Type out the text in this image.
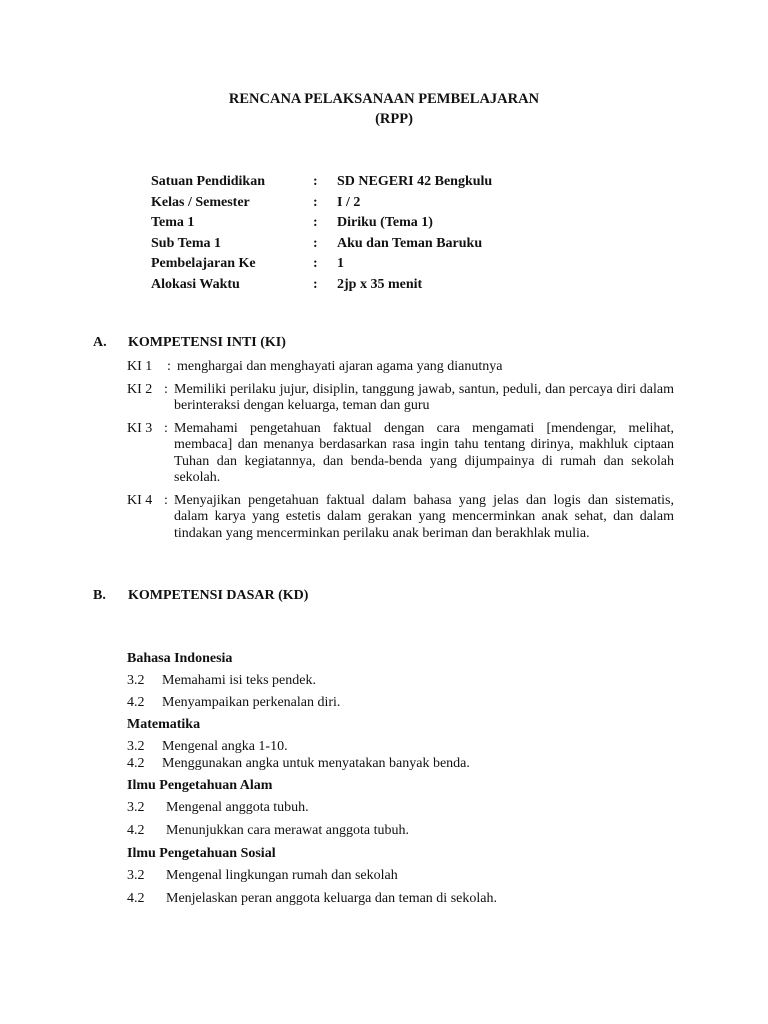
RENCANA PELAKSANAAN PEMBELAJARAN
(RPP)
Satuan Pendidikan	: SD NEGERI 42 Bengkulu
Kelas / Semester	: I / 2
Tema 1	: Diriku (Tema 1)
Sub Tema 1	: Aku dan Teman Baruku
Pembelajaran Ke	: 1
Alokasi Waktu	: 2jp x 35 menit
A. KOMPETENSI INTI (KI)
KI 1 : menghargai dan menghayati ajaran agama yang dianutnya
KI 2 : Memiliki perilaku jujur, disiplin, tanggung jawab, santun, peduli, dan percaya diri dalam berinteraksi dengan keluarga, teman dan guru
KI 3 : Memahami pengetahuan faktual dengan cara mengamati [mendengar, melihat, membaca] dan menanya berdasarkan rasa ingin tahu tentang dirinya, makhluk ciptaan Tuhan dan kegiatannya, dan benda-benda yang dijumpainya di rumah dan sekolah sekolah.
KI 4 : Menyajikan pengetahuan faktual dalam bahasa yang jelas dan logis dan sistematis, dalam karya yang estetis dalam gerakan yang mencerminkan anak sehat, dan dalam tindakan yang mencerminkan perilaku anak beriman dan berakhlak mulia.
B. KOMPETENSI DASAR (KD)
Bahasa Indonesia
3.2 Memahami isi teks pendek.
4.2 Menyampaikan perkenalan diri.
Matematika
3.2 Mengenal angka 1-10.
4.2 Menggunakan angka untuk menyatakan banyak benda.
Ilmu Pengetahuan Alam
3.2 Mengenal anggota tubuh.
4.2 Menunjukkan cara merawat anggota tubuh.
Ilmu Pengetahuan Sosial
3.2 Mengenal lingkungan rumah dan sekolah
4.2 Menjelaskan peran anggota keluarga dan teman di sekolah.
